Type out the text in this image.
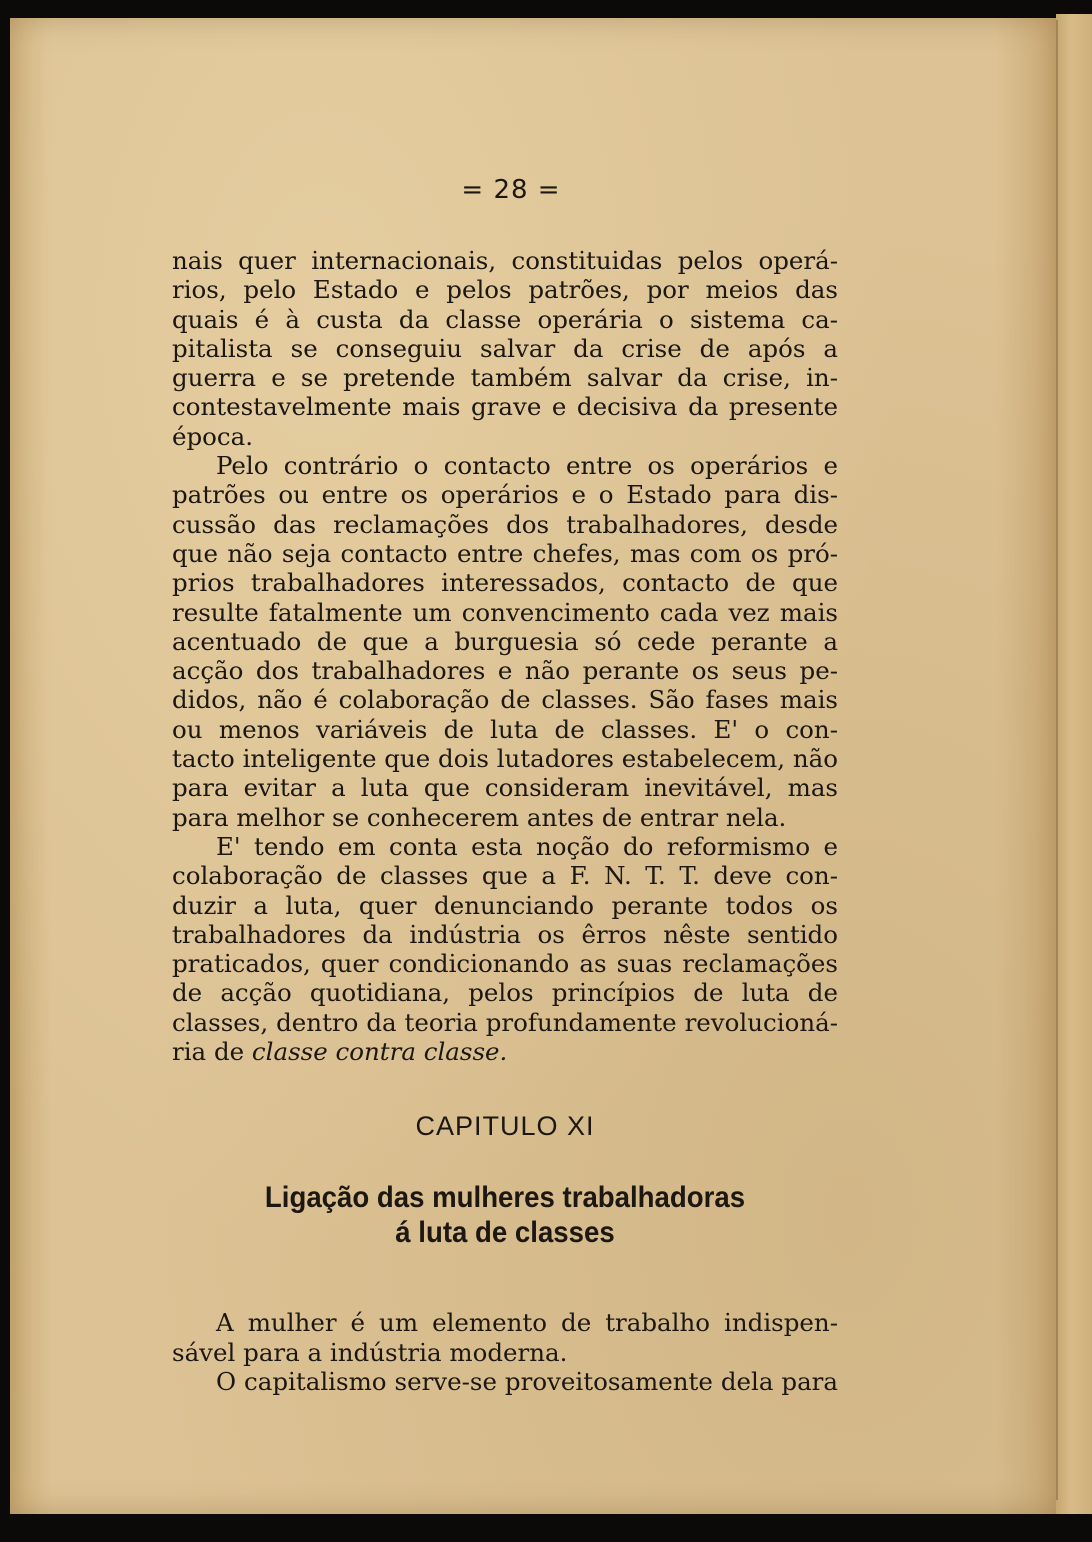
= 28 =
nais quer internacionais, constituidas pelos operá-
rios, pelo Estado e pelos patrões, por meios das
quais é à custa da classe operária o sistema ca-
pitalista se conseguiu salvar da crise de após a
guerra e se pretende também salvar da crise, in-
contestavelmente mais grave e decisiva da presente
época.
Pelo contrário o contacto entre os operários e
patrões ou entre os operários e o Estado para dis-
cussão das reclamações dos trabalhadores, desde
que não seja contacto entre chefes, mas com os pró-
prios trabalhadores interessados, contacto de que
resulte fatalmente um convencimento cada vez mais
acentuado de que a burguesia só cede perante a
acção dos trabalhadores e não perante os seus pe-
didos, não é colaboração de classes. São fases mais
ou menos variáveis de luta de classes. E' o con-
tacto inteligente que dois lutadores estabelecem, não
para evitar a luta que consideram inevitável, mas
para melhor se conhecerem antes de entrar nela.
E' tendo em conta esta noção do reformismo e
colaboração de classes que a F. N. T. T. deve con-
duzir a luta, quer denunciando perante todos os
trabalhadores da indústria os êrros nêste sentido
praticados, quer condicionando as suas reclamações
de acção quotidiana, pelos princípios de luta de
classes, dentro da teoria profundamente revolucioná-
ria de classe contra classe.
CAPITULO XI
Ligação das mulheres trabalhadoras
á luta de classes
A mulher é um elemento de trabalho indispen-
sável para a indústria moderna.
O capitalismo serve-se proveitosamente dela para
